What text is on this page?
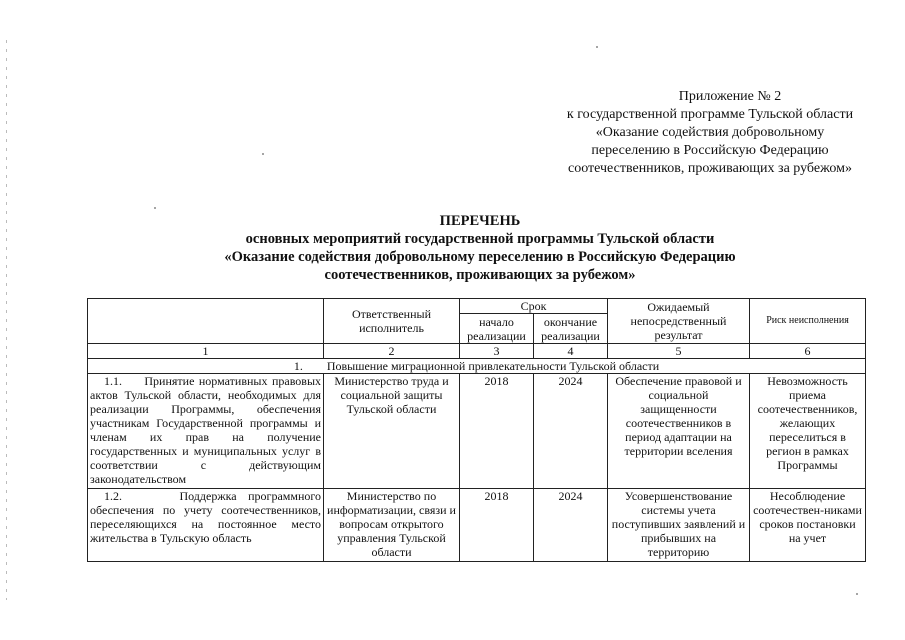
Приложение № 2
к государственной программе Тульской области
«Оказание содействия добровольному
переселению в Российскую Федерацию
соотечественников, проживающих за рубежом»
ПЕРЕЧЕНЬ
основных мероприятий государственной программы Тульской области
«Оказание содействия добровольному переселению в Российскую Федерацию
соотечественников, проживающих за рубежом»
	Ответственный исполнитель	Срок		Ожидаемый непосредственный результат	Риск неисполнения
		начало реализации	окончание реализации		
1	2	3	4	5	6
1.        Повышение миграционной привлекательности Тульской области					
1.1. Принятие нормативных правовых актов Тульской области, необходимых для реализации Программы, обеспечения участникам Государственной программы и членам их прав на получение государственных и муниципальных услуг в соответствии с действующим законодательством	Министерство труда и социальной защиты Тульской области	2018	2024	Обеспечение правовой и социальной защищенности соотечественников в период адаптации на территории вселения	Невозможность приема соотечественников, желающих переселиться в регион в рамках Программы
1.2. Поддержка программного обеспечения по учету соотечественников, переселяющихся на постоянное место жительства в Тульскую область	Министерство по информатизации, связи и вопросам открытого управления Тульской области	2018	2024	Усовершенствование системы учета поступивших заявлений и прибывших на территорию	Несоблюдение соотечествен-никами сроков постановки на учет
